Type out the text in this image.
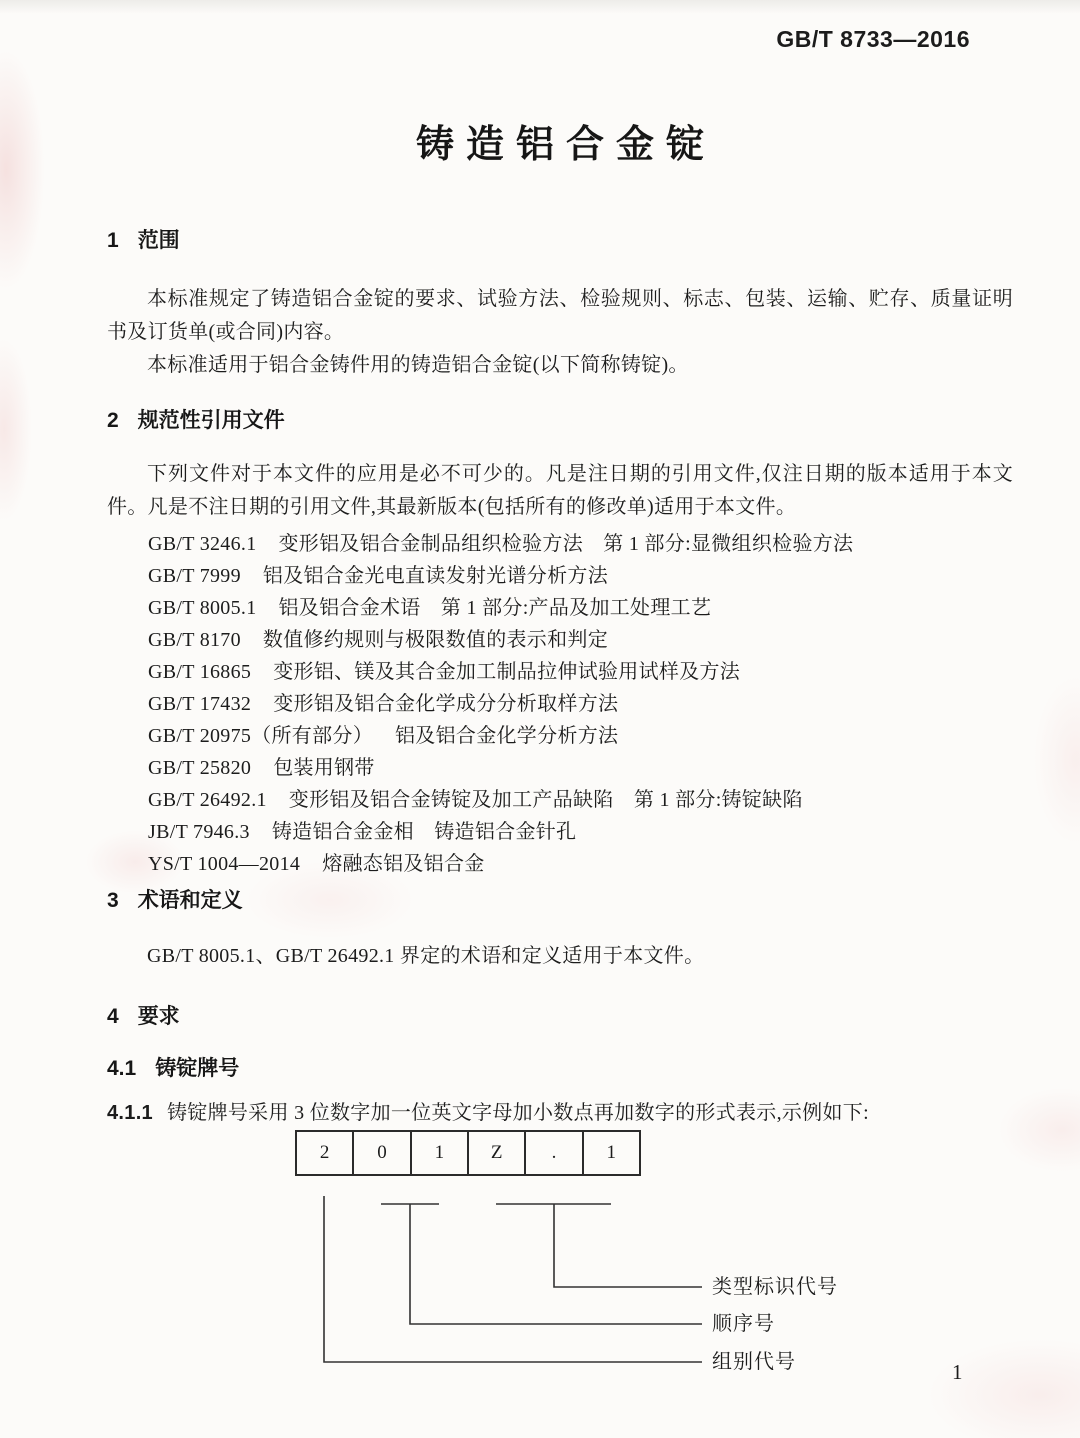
GB/T 8733—2016
铸造铝合金锭
1 范围

本标准规定了铸造铝合金锭的要求、试验方法、检验规则、标志、包装、运输、贮存、质量证明书及订货单(或合同)内容。

本标准适用于铝合金铸件用的铸造铝合金锭(以下简称铸锭)。

2 规范性引用文件

下列文件对于本文件的应用是必不可少的。凡是注日期的引用文件,仅注日期的版本适用于本文件。凡是不注日期的引用文件,其最新版本(包括所有的修改单)适用于本文件。

GB/T 3246.1 变形铝及铝合金制品组织检验方法　第 1 部分:显微组织检验方法
GB/T 7999 铝及铝合金光电直读发射光谱分析方法
GB/T 8005.1 铝及铝合金术语　第 1 部分:产品及加工处理工艺
GB/T 8170 数值修约规则与极限数值的表示和判定
GB/T 16865 变形铝、镁及其合金加工制品拉伸试验用试样及方法
GB/T 17432 变形铝及铝合金化学成分分析取样方法
GB/T 20975（所有部分） 铝及铝合金化学分析方法
GB/T 25820 包装用钢带
GB/T 26492.1 变形铝及铝合金铸锭及加工产品缺陷　第 1 部分:铸锭缺陷
JB/T 7946.3 铸造铝合金金相　铸造铝合金针孔
YS/T 1004—2014 熔融态铝及铝合金
3 术语和定义

GB/T 8005.1、GB/T 26492.1 界定的术语和定义适用于本文件。

4 要求
4.1 铸锭牌号

4.1.1 铸锭牌号采用 3 位数字加一位英文字母加小数点再加数字的形式表示,示例如下:

2	0	1	Z	.	1
类型标识代号
顺序号
组别代号	1
